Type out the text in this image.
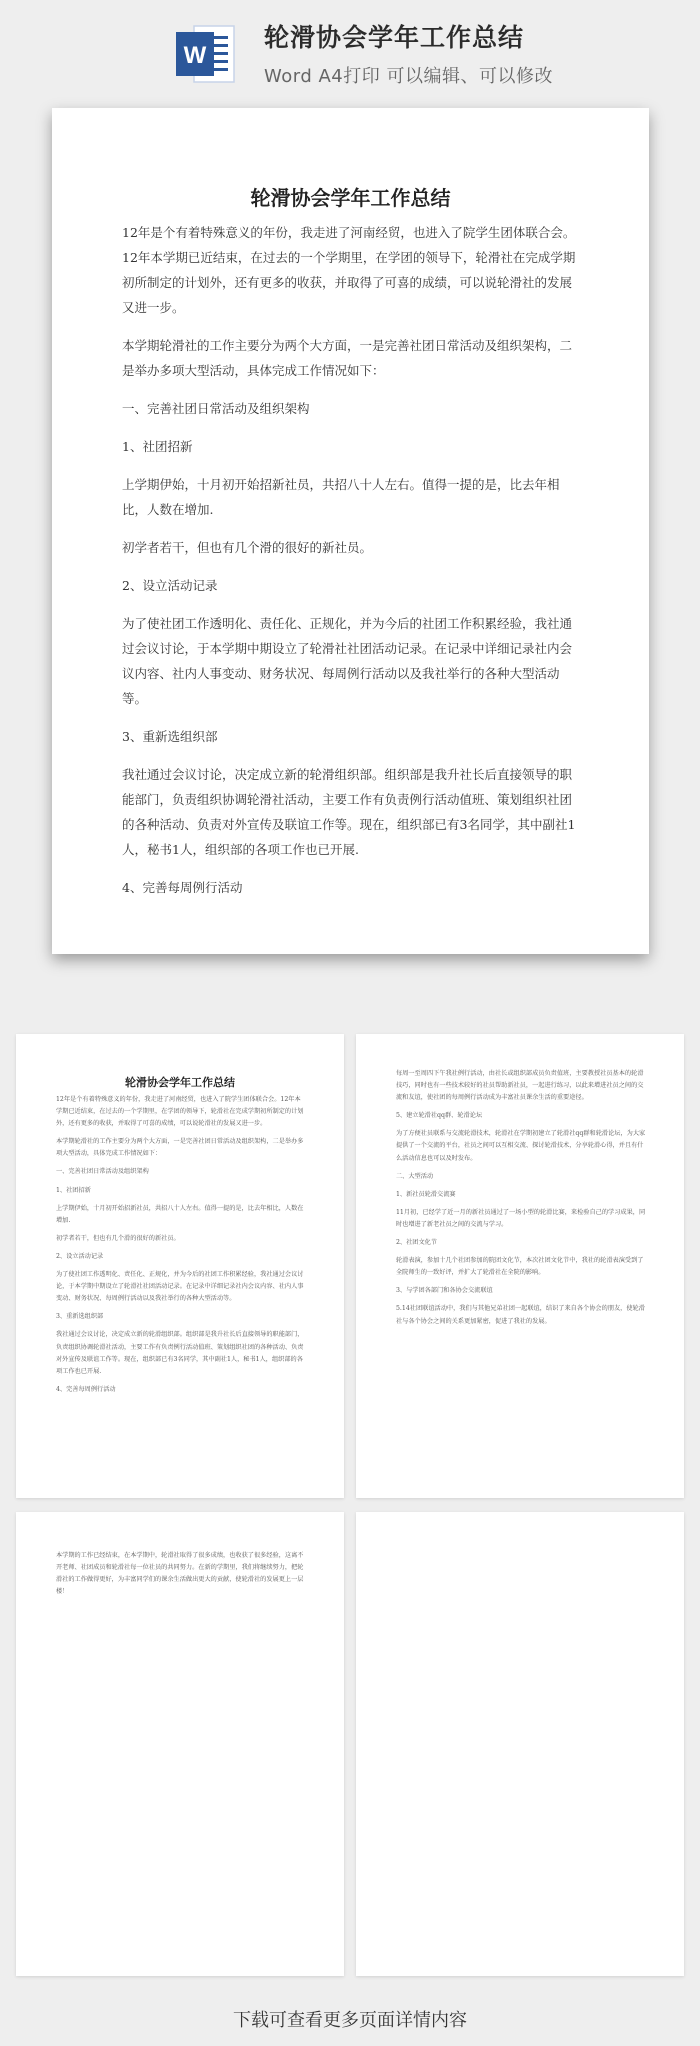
W
轮滑协会学年工作总结
Word A4打印 可以编辑、可以修改
轮滑协会学年工作总结

12年是个有着特殊意义的年份，我走进了河南经贸，也进入了院学生团体联合会。12年本学期已近结束，在过去的一个学期里，在学团的领导下，轮滑社在完成学期初所制定的计划外，还有更多的收获，并取得了可喜的成绩，可以说轮滑社的发展又进一步。

本学期轮滑社的工作主要分为两个大方面，一是完善社团日常活动及组织架构，二是举办多项大型活动，具体完成工作情况如下：

一、完善社团日常活动及组织架构

1、社团招新

上学期伊始，十月初开始招新社员，共招八十人左右。值得一提的是，比去年相比，人数在增加.

初学者若干，但也有几个滑的很好的新社员。

2、设立活动记录

为了使社团工作透明化、责任化、正规化，并为今后的社团工作积累经验，我社通过会议讨论，于本学期中期设立了轮滑社社团活动记录。在记录中详细记录社内会议内容、社内人事变动、财务状况、每周例行活动以及我社举行的各种大型活动等。

3、重新选组织部

我社通过会议讨论，决定成立新的轮滑组织部。组织部是我升社长后直接领导的职能部门，负责组织协调轮滑社活动，主要工作有负责例行活动值班、策划组织社团的各种活动、负责对外宣传及联谊工作等。现在，组织部已有3名同学，其中副社1人，秘书1人，组织部的各项工作也已开展.

4、完善每周例行活动

轮滑协会学年工作总结

12年是个有着特殊意义的年份，我走进了河南经贸，也进入了院学生团体联合会。12年本学期已近结束，在过去的一个学期里，在学团的领导下，轮滑社在完成学期初所制定的计划外，还有更多的收获，并取得了可喜的成绩，可以说轮滑社的发展又进一步。

本学期轮滑社的工作主要分为两个大方面，一是完善社团日常活动及组织架构，二是举办多项大型活动，具体完成工作情况如下：

一、完善社团日常活动及组织架构

1、社团招新

上学期伊始，十月初开始招新社员，共招八十人左右。值得一提的是，比去年相比，人数在增加.

初学者若干，但也有几个滑的很好的新社员。

2、设立活动记录

为了使社团工作透明化、责任化、正规化，并为今后的社团工作积累经验，我社通过会议讨论，于本学期中期设立了轮滑社社团活动记录。在记录中详细记录社内会议内容、社内人事变动、财务状况、每周例行活动以及我社举行的各种大型活动等。

3、重新选组织部

我社通过会议讨论，决定成立新的轮滑组织部。组织部是我升社长后直接领导的职能部门，负责组织协调轮滑社活动，主要工作有负责例行活动值班、策划组织社团的各种活动、负责对外宣传及联谊工作等。现在，组织部已有3名同学，其中副社1人，秘书1人，组织部的各项工作也已开展.

4、完善每周例行活动

每周一至周四下午我社例行活动，由社长或组织部成员负责值班，主要教授社员基本的轮滑技巧，同时也有一些技术较好的社员帮助新社员，一起进行练习，以此来增进社员之间的交流和友谊，使社团的每周例行活动成为丰富社员课余生活的重要途径。

5、建立轮滑社qq群、轮滑论坛

为了方便社员联系与交流轮滑技术，轮滑社在学期初建立了轮滑社qq群和轮滑论坛，为大家提供了一个交流的平台，社员之间可以互相交流、探讨轮滑技术，分享轮滑心得，并且有什么活动信息也可以及时发布。

二、大型活动

1、新社员轮滑交流赛

11月初，已经学了近一月的新社员通过了一场小型的轮滑比赛，来检验自己的学习成果，同时也增进了新老社员之间的交流与学习。

2、社团文化节

轮滑表演，参加十几个社团参加的院团文化节，本次社团文化节中，我社的轮滑表演受到了全院师生的一致好评，并扩大了轮滑社在全院的影响。

3、与学团各部门和各协会交流联谊

5.14社团联谊活动中，我们与其他兄弟社团一起联谊，结识了来自各个协会的朋友，使轮滑社与各个协会之间的关系更加紧密，促进了我社的发展。

本学期的工作已经结束，在本学期中，轮滑社取得了很多成绩，也收获了很多经验，这离不开老师、社团成员和轮滑社每一位社员的共同努力。在新的学期里，我们将继续努力，把轮滑社的工作做得更好，为丰富同学们的课余生活做出更大的贡献，使轮滑社的发展更上一层楼！

下载可查看更多页面详情内容
